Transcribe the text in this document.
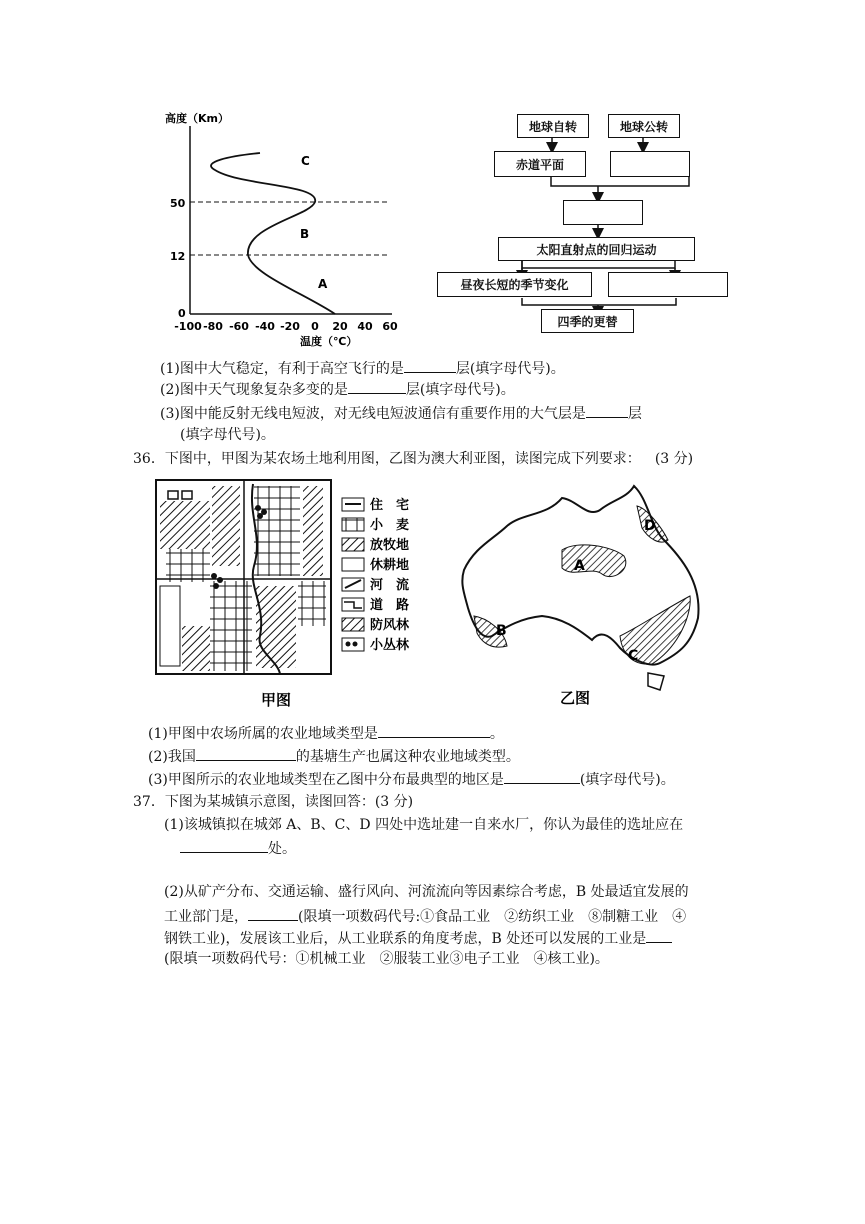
高度（Km）
50
12
0
-100 -80 -60 -40 -20 0 20 40 60
温度（℃）
C
B
A
地球自转	地球公转
赤道平面
太阳直射点的回归运动
昼夜长短的季节变化
四季的更替
(1)图中大气稳定，有利于高空飞行的是	层(填字母代号)。
(2)图中天气现象复杂多变的是	层(填字母代号)。
(3)图中能反射无线电短波，对无线电短波通信有重要作用的大气层是	层
(填字母代号)。
36．下图中，甲图为某农场土地利用图，乙图为澳大利亚图，读图完成下列要求： (3 分)
住　宅
小　麦
放牧地
休耕地
河　流
道　路
防风林
小丛林
甲图
A
B
C
D
乙图
(1)甲图中农场所属的农业地域类型是	。
(2)我国	的基塘生产也属这种农业地域类型。
(3)甲图所示的农业地域类型在乙图中分布最典型的地区是	(填字母代号)。
37．下图为某城镇示意图，读图回答：(3 分)
(1)该城镇拟在城郊 A、B、C、D 四处中选址建一自来水厂，你认为最佳的选址应在
处。
(2)从矿产分布、交通运输、盛行风向、河流流向等因素综合考虑，B 处最适宜发展的
工业部门是，	(限填一项数码代号:①食品工业　②纺织工业　⑧制糖工业　④
钢铁工业)，发展该工业后，从工业联系的角度考虑，B 处还可以发展的工业是
(限填一项数码代号：①机械工业　②服装工业③电子工业　④核工业)。
